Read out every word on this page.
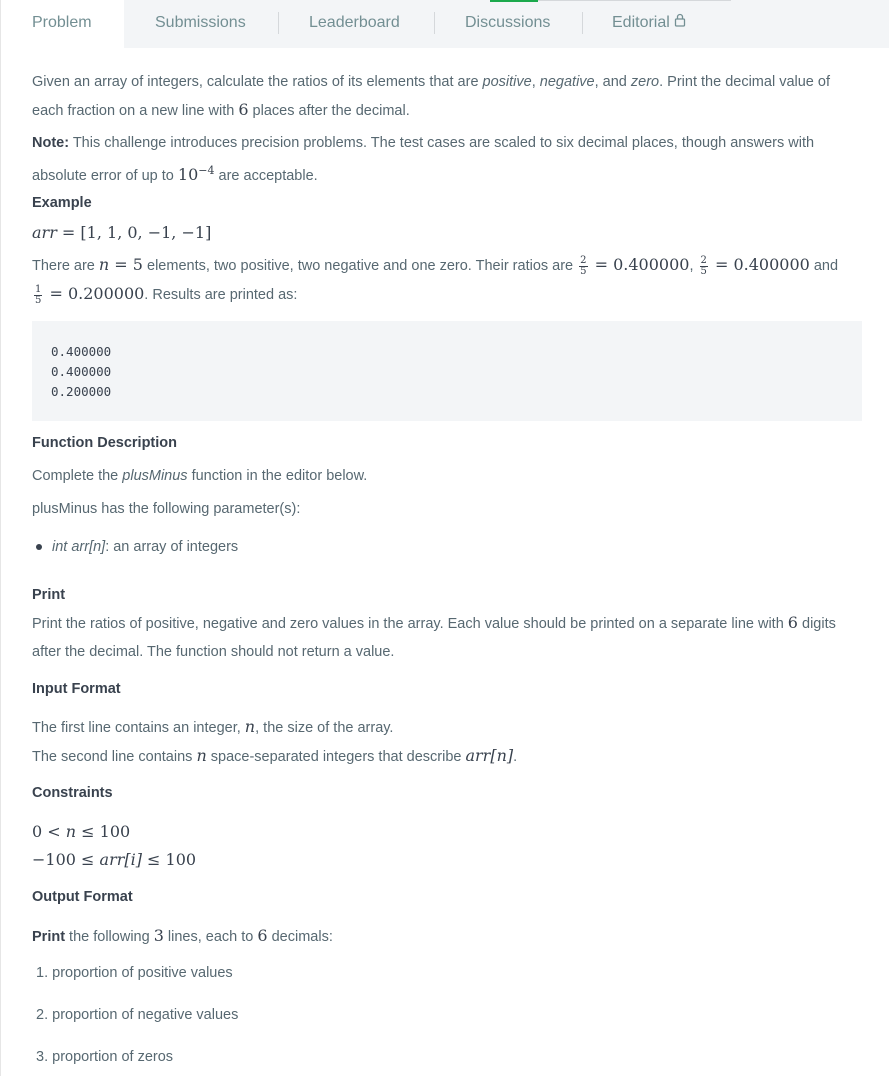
Problem	Submissions	Leaderboard	Discussions	Editorial
Given an array of integers, calculate the ratios of its elements that are positive, negative, and zero. Print the decimal value of
each fraction on a new line with 6 places after the decimal.
Note: This challenge introduces precision problems. The test cases are scaled to six decimal places, though answers with
absolute error of up to $10^{-4}$ are acceptable.
Example
arr = [1, 1, 0, −1, −1]
There are n = 5 elements, two positive, two negative and one zero. Their ratios are $\frac{2}{5} = 0.400000$, $\frac{2}{5} = 0.400000$ and
$\frac{1}{5} = 0.200000$. Results are printed as:
0.400000
0.400000
0.200000
Function Description
Complete the plusMinus function in the editor below.
plusMinus has the following parameter(s):
int arr[n]: an array of integers
Print
Print the ratios of positive, negative and zero values in the array. Each value should be printed on a separate line with 6 digits
after the decimal. The function should not return a value.
Input Format
The first line contains an integer, n, the size of the array.
The second line contains n space-separated integers that describe arr[n].
Constraints
0 < n ≤ 100
−100 ≤ arr[i] ≤ 100
Output Format
Print the following 3 lines, each to 6 decimals:
1. proportion of positive values
2. proportion of negative values
3. proportion of zeros
